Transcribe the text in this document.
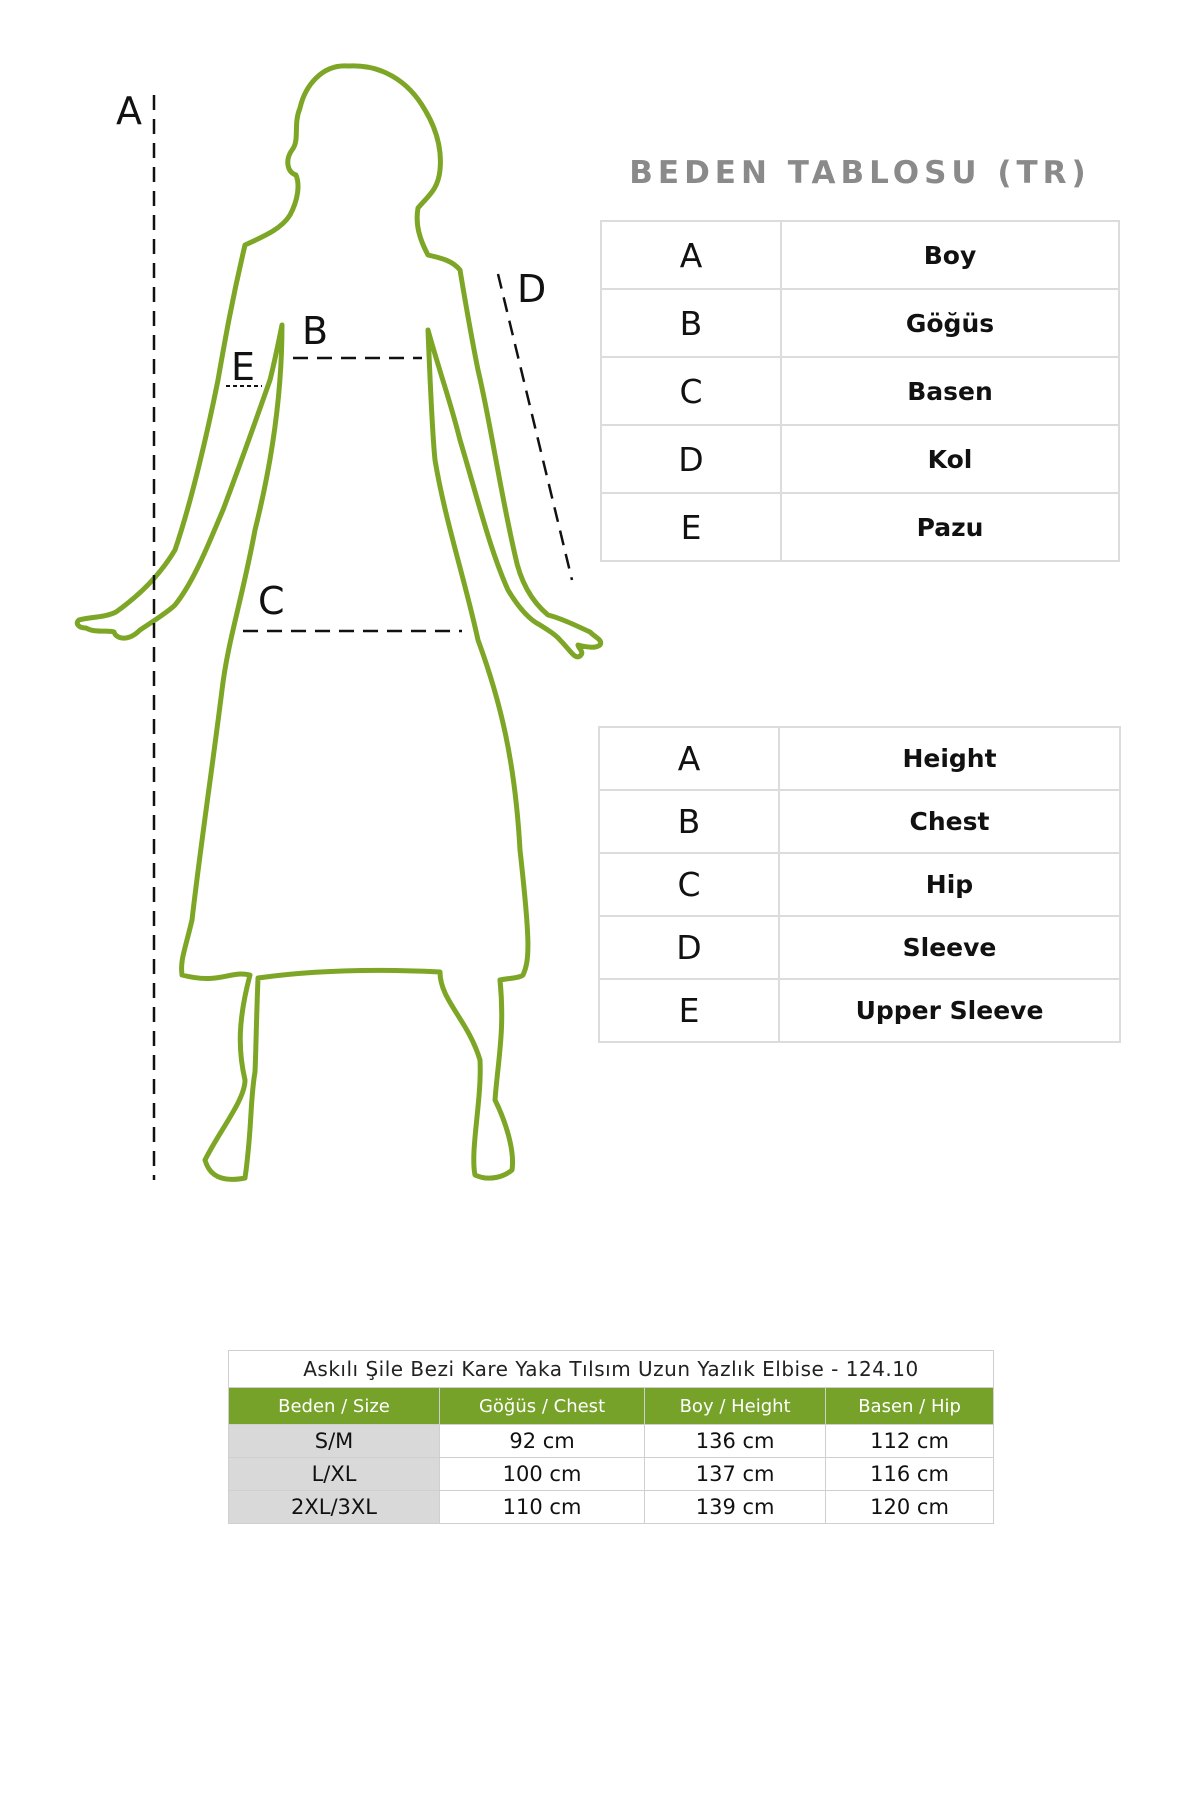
A
B
C
D
E
BEDEN TABLOSU (TR)
A	Boy
B	Göğüs
C	Basen
D	Kol
E	Pazu
A	Height
B	Chest
C	Hip
D	Sleeve
E	Upper Sleeve
Askılı Şile Bezi Kare Yaka Tılsım Uzun Yazlık Elbise - 124.10
Beden / Size	Göğüs / Chest	Boy / Height	Basen / Hip
S/M	92 cm	136 cm	112 cm
L/XL	100 cm	137 cm	116 cm
2XL/3XL	110 cm	139 cm	120 cm
